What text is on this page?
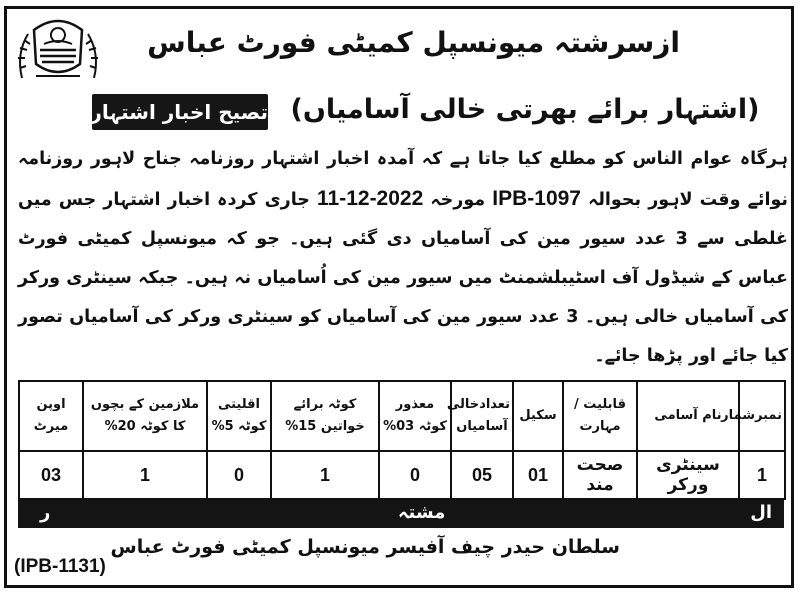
ازسرشتہ میونسپل کمیٹی فورٹ عباس
تصیح اخبار اشتہار (اشتہار برائے بھرتی خالی آسامیاں)
ہرگاہ عوام الناس کو مطلع کیا جاتا ہے کہ آمدہ اخبار اشتہار روزنامہ جناح لاہور روزنامہ نوائے وقت لاہور بحوالہ IPB-1097 مورخہ 11-12-2022 جاری کردہ اخبار اشتہار جس میں غلطی سے 3 عدد سیور مین کی آسامیاں دی گئی ہیں۔ جو کہ میونسپل کمیٹی فورٹ عباس کے شیڈول آف اسٹیبلشمنٹ میں سیور مین کی اُسامیاں نہ ہیں۔ جبکہ سینٹری ورکر کی آسامیاں خالی ہیں۔ 3 عدد سیور مین کی آسامیاں کو سینٹری ورکر کی آسامیاں تصور کیا جائے اور پڑھا جائے۔
نمبرشمار	نام آسامی	قابلیت /مہارت	سکیل	تعدادخالی آسامیاں	معذور کوٹہ 03%	کوٹہ برائے خواتین 15%	اقلیتی کوٹہ 5%	ملازمین کے بچوں کا کوٹہ 20%	اوپن میرٹ
1	سینٹری ورکر	صحت مند	01	05	0	1	0	1	03
ر	مشتہ	ال
سلطان حیدر چیف آفیسر میونسپل کمیٹی فورٹ عباس
(IPB-1131)
